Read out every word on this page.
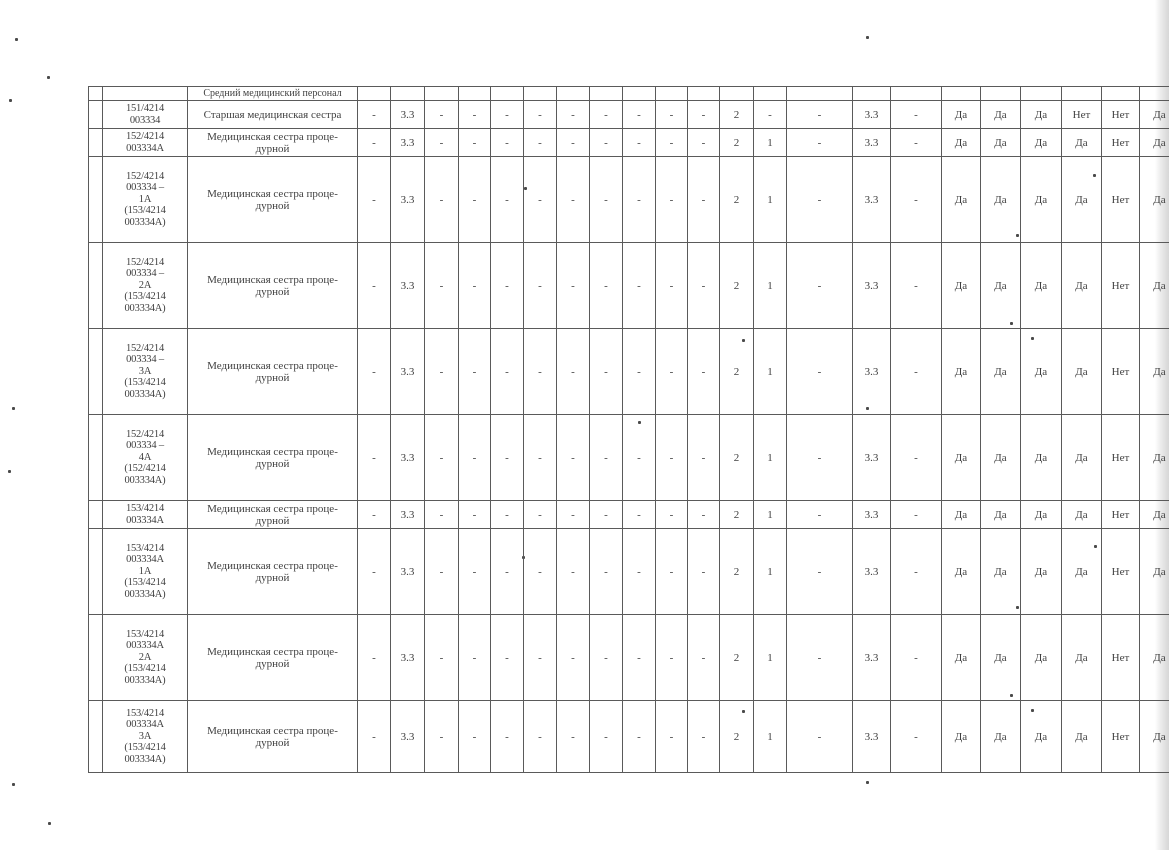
		Средний медицинский персонал																						
	151/4214
003334	Старшая медицинская сестра	-	3.3	-	-	-	-	-	-	-	-	-	2	-	-	3.3	-	Да	Да	Да	Нет	Нет	Да
	152/4214
003334А	Медицинская сестра проце-
дурной	-	3.3	-	-	-	-	-	-	-	-	-	2	1	-	3.3	-	Да	Да	Да	Да	Нет	Да
	152/4214
003334 –
1А
(153/4214
003334А)	Медицинская сестра проце-
дурной	-	3.3	-	-	-	-	-	-	-	-	-	2	1	-	3.3	-	Да	Да	Да	Да	Нет	Да
	152/4214
003334 –
2А
(153/4214
003334А)	Медицинская сестра проце-
дурной	-	3.3	-	-	-	-	-	-	-	-	-	2	1	-	3.3	-	Да	Да	Да	Да	Нет	Да
	152/4214
003334 –
3А
(153/4214
003334А)	Медицинская сестра проце-
дурной	-	3.3	-	-	-	-	-	-	-	-	-	2	1	-	3.3	-	Да	Да	Да	Да	Нет	Да
	152/4214
003334 –
4А
(152/4214
003334А)	Медицинская сестра проце-
дурной	-	3.3	-	-	-	-	-	-	-	-	-	2	1	-	3.3	-	Да	Да	Да	Да	Нет	Да
	153/4214
003334А	Медицинская сестра проце-
дурной	-	3.3	-	-	-	-	-	-	-	-	-	2	1	-	3.3	-	Да	Да	Да	Да	Нет	Да
	153/4214
003334А
1А
(153/4214
003334А)	Медицинская сестра проце-
дурной	-	3.3	-	-	-	-	-	-	-	-	-	2	1	-	3.3	-	Да	Да	Да	Да	Нет	Да
	153/4214
003334А
2А
(153/4214
003334А)	Медицинская сестра проце-
дурной	-	3.3	-	-	-	-	-	-	-	-	-	2	1	-	3.3	-	Да	Да	Да	Да	Нет	Да
	153/4214
003334А
3А
(153/4214
003334А)	Медицинская сестра проце-
дурной	-	3.3	-	-	-	-	-	-	-	-	-	2	1	-	3.3	-	Да	Да	Да	Да	Нет	Да
